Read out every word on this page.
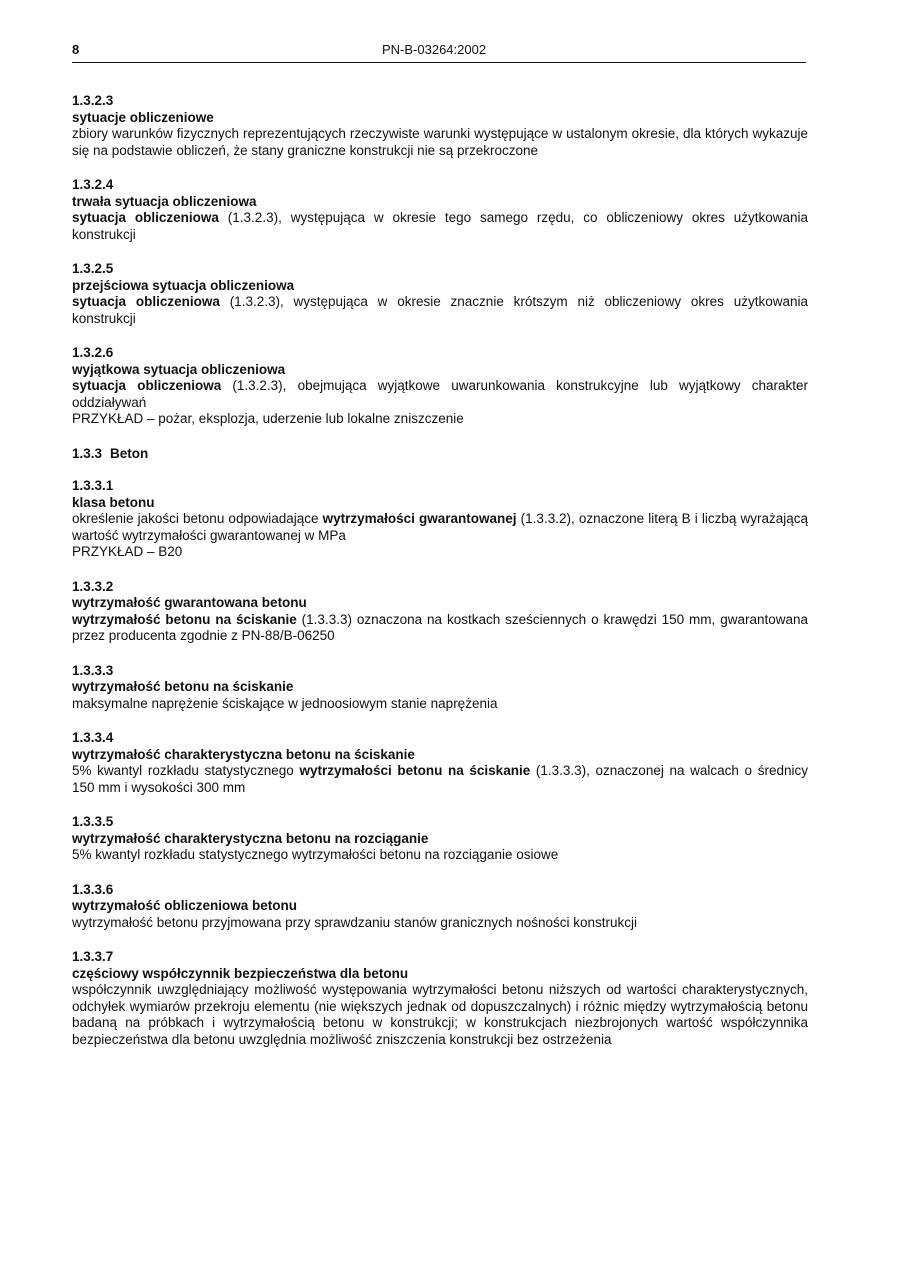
8	PN-B-03264:2002
1.3.2.3
sytuacje obliczeniowe
zbiory warunków fizycznych reprezentujących rzeczywiste warunki występujące w ustalonym okresie, dla których wykazuje się na podstawie obliczeń, że stany graniczne konstrukcji nie są przekroczone
1.3.2.4
trwała sytuacja obliczeniowa
sytuacja obliczeniowa (1.3.2.3), występująca w okresie tego samego rzędu, co obliczeniowy okres użytkowania konstrukcji
1.3.2.5
przejściowa sytuacja obliczeniowa
sytuacja obliczeniowa (1.3.2.3), występująca w okresie znacznie krótszym niż obliczeniowy okres użytkowania konstrukcji
1.3.2.6
wyjątkowa sytuacja obliczeniowa
sytuacja obliczeniowa (1.3.2.3), obejmująca wyjątkowe uwarunkowania konstrukcyjne lub wyjątkowy charakter oddziaływań
PRZYKŁAD – pożar, eksplozja, uderzenie lub lokalne zniszczenie
1.3.3 Beton
1.3.3.1
klasa betonu
określenie jakości betonu odpowiadające wytrzymałości gwarantowanej (1.3.3.2), oznaczone literą B i liczbą wyrażającą wartość wytrzymałości gwarantowanej w MPa
PRZYKŁAD – B20
1.3.3.2
wytrzymałość gwarantowana betonu
wytrzymałość betonu na ściskanie (1.3.3.3) oznaczona na kostkach sześciennych o krawędzi 150 mm, gwarantowana przez producenta zgodnie z PN-88/B-06250
1.3.3.3
wytrzymałość betonu na ściskanie
maksymalne naprężenie ściskające w jednoosiowym stanie naprężenia
1.3.3.4
wytrzymałość charakterystyczna betonu na ściskanie
5% kwantyl rozkładu statystycznego wytrzymałości betonu na ściskanie (1.3.3.3), oznaczonej na walcach o średnicy 150 mm i wysokości 300 mm
1.3.3.5
wytrzymałość charakterystyczna betonu na rozciąganie
5% kwantyl rozkładu statystycznego wytrzymałości betonu na rozciąganie osiowe
1.3.3.6
wytrzymałość obliczeniowa betonu
wytrzymałość betonu przyjmowana przy sprawdzaniu stanów granicznych nośności konstrukcji
1.3.3.7
częściowy współczynnik bezpieczeństwa dla betonu
współczynnik uwzględniający możliwość występowania wytrzymałości betonu niższych od wartości charakterystycznych, odchyłek wymiarów przekroju elementu (nie większych jednak od dopuszczalnych) i różnic między wytrzymałością betonu badaną na próbkach i wytrzymałością betonu w konstrukcji; w konstrukcjach niezbrojonych wartość współczynnika bezpieczeństwa dla betonu uwzględnia możliwość zniszczenia konstrukcji bez ostrzeżenia
